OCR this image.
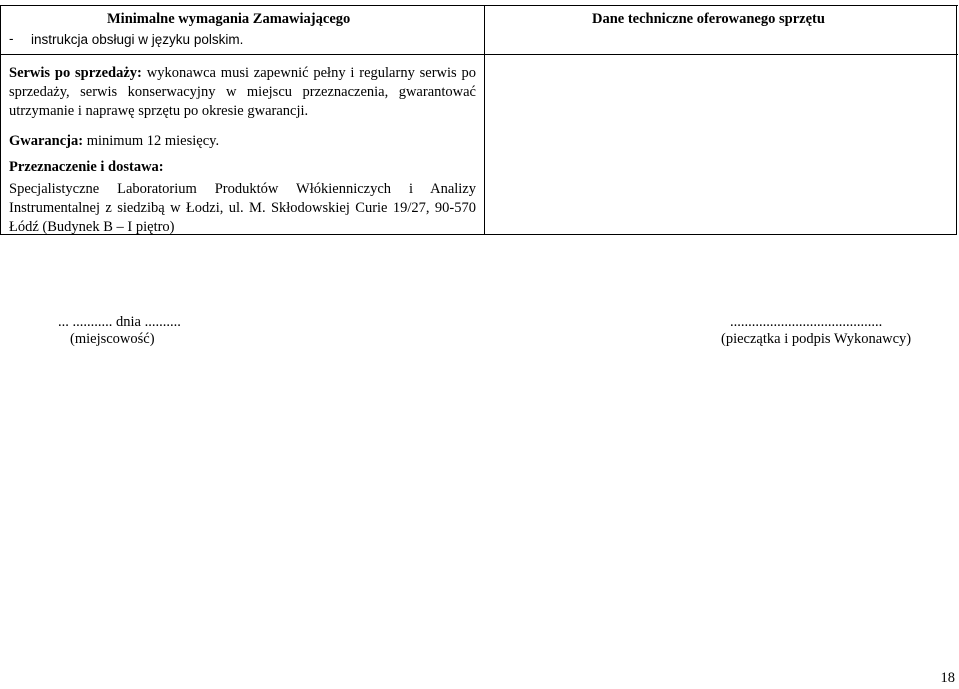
Minimalne wymagania Zamawiającego
- instrukcja obsługi w języku polskim.
Serwis po sprzedaży: wykonawca musi zapewnić pełny i regularny serwis po sprzedaży, serwis konserwacyjny w miejscu przeznaczenia, gwarantować utrzymanie i naprawę sprzętu po okresie gwarancji.
Gwarancja: minimum 12 miesięcy.
Przeznaczenie i dostawa:
Specjalistyczne Laboratorium Produktów Włókienniczych i Analizy Instrumentalnej z siedzibą w Łodzi, ul. M. Skłodowskiej Curie 19/27, 90-570 Łódź (Budynek B – I piętro)
Dane techniczne oferowanego sprzętu
... ........... dnia ..........
(miejscowość)
..........................................
(pieczątka i podpis Wykonawcy)
18
